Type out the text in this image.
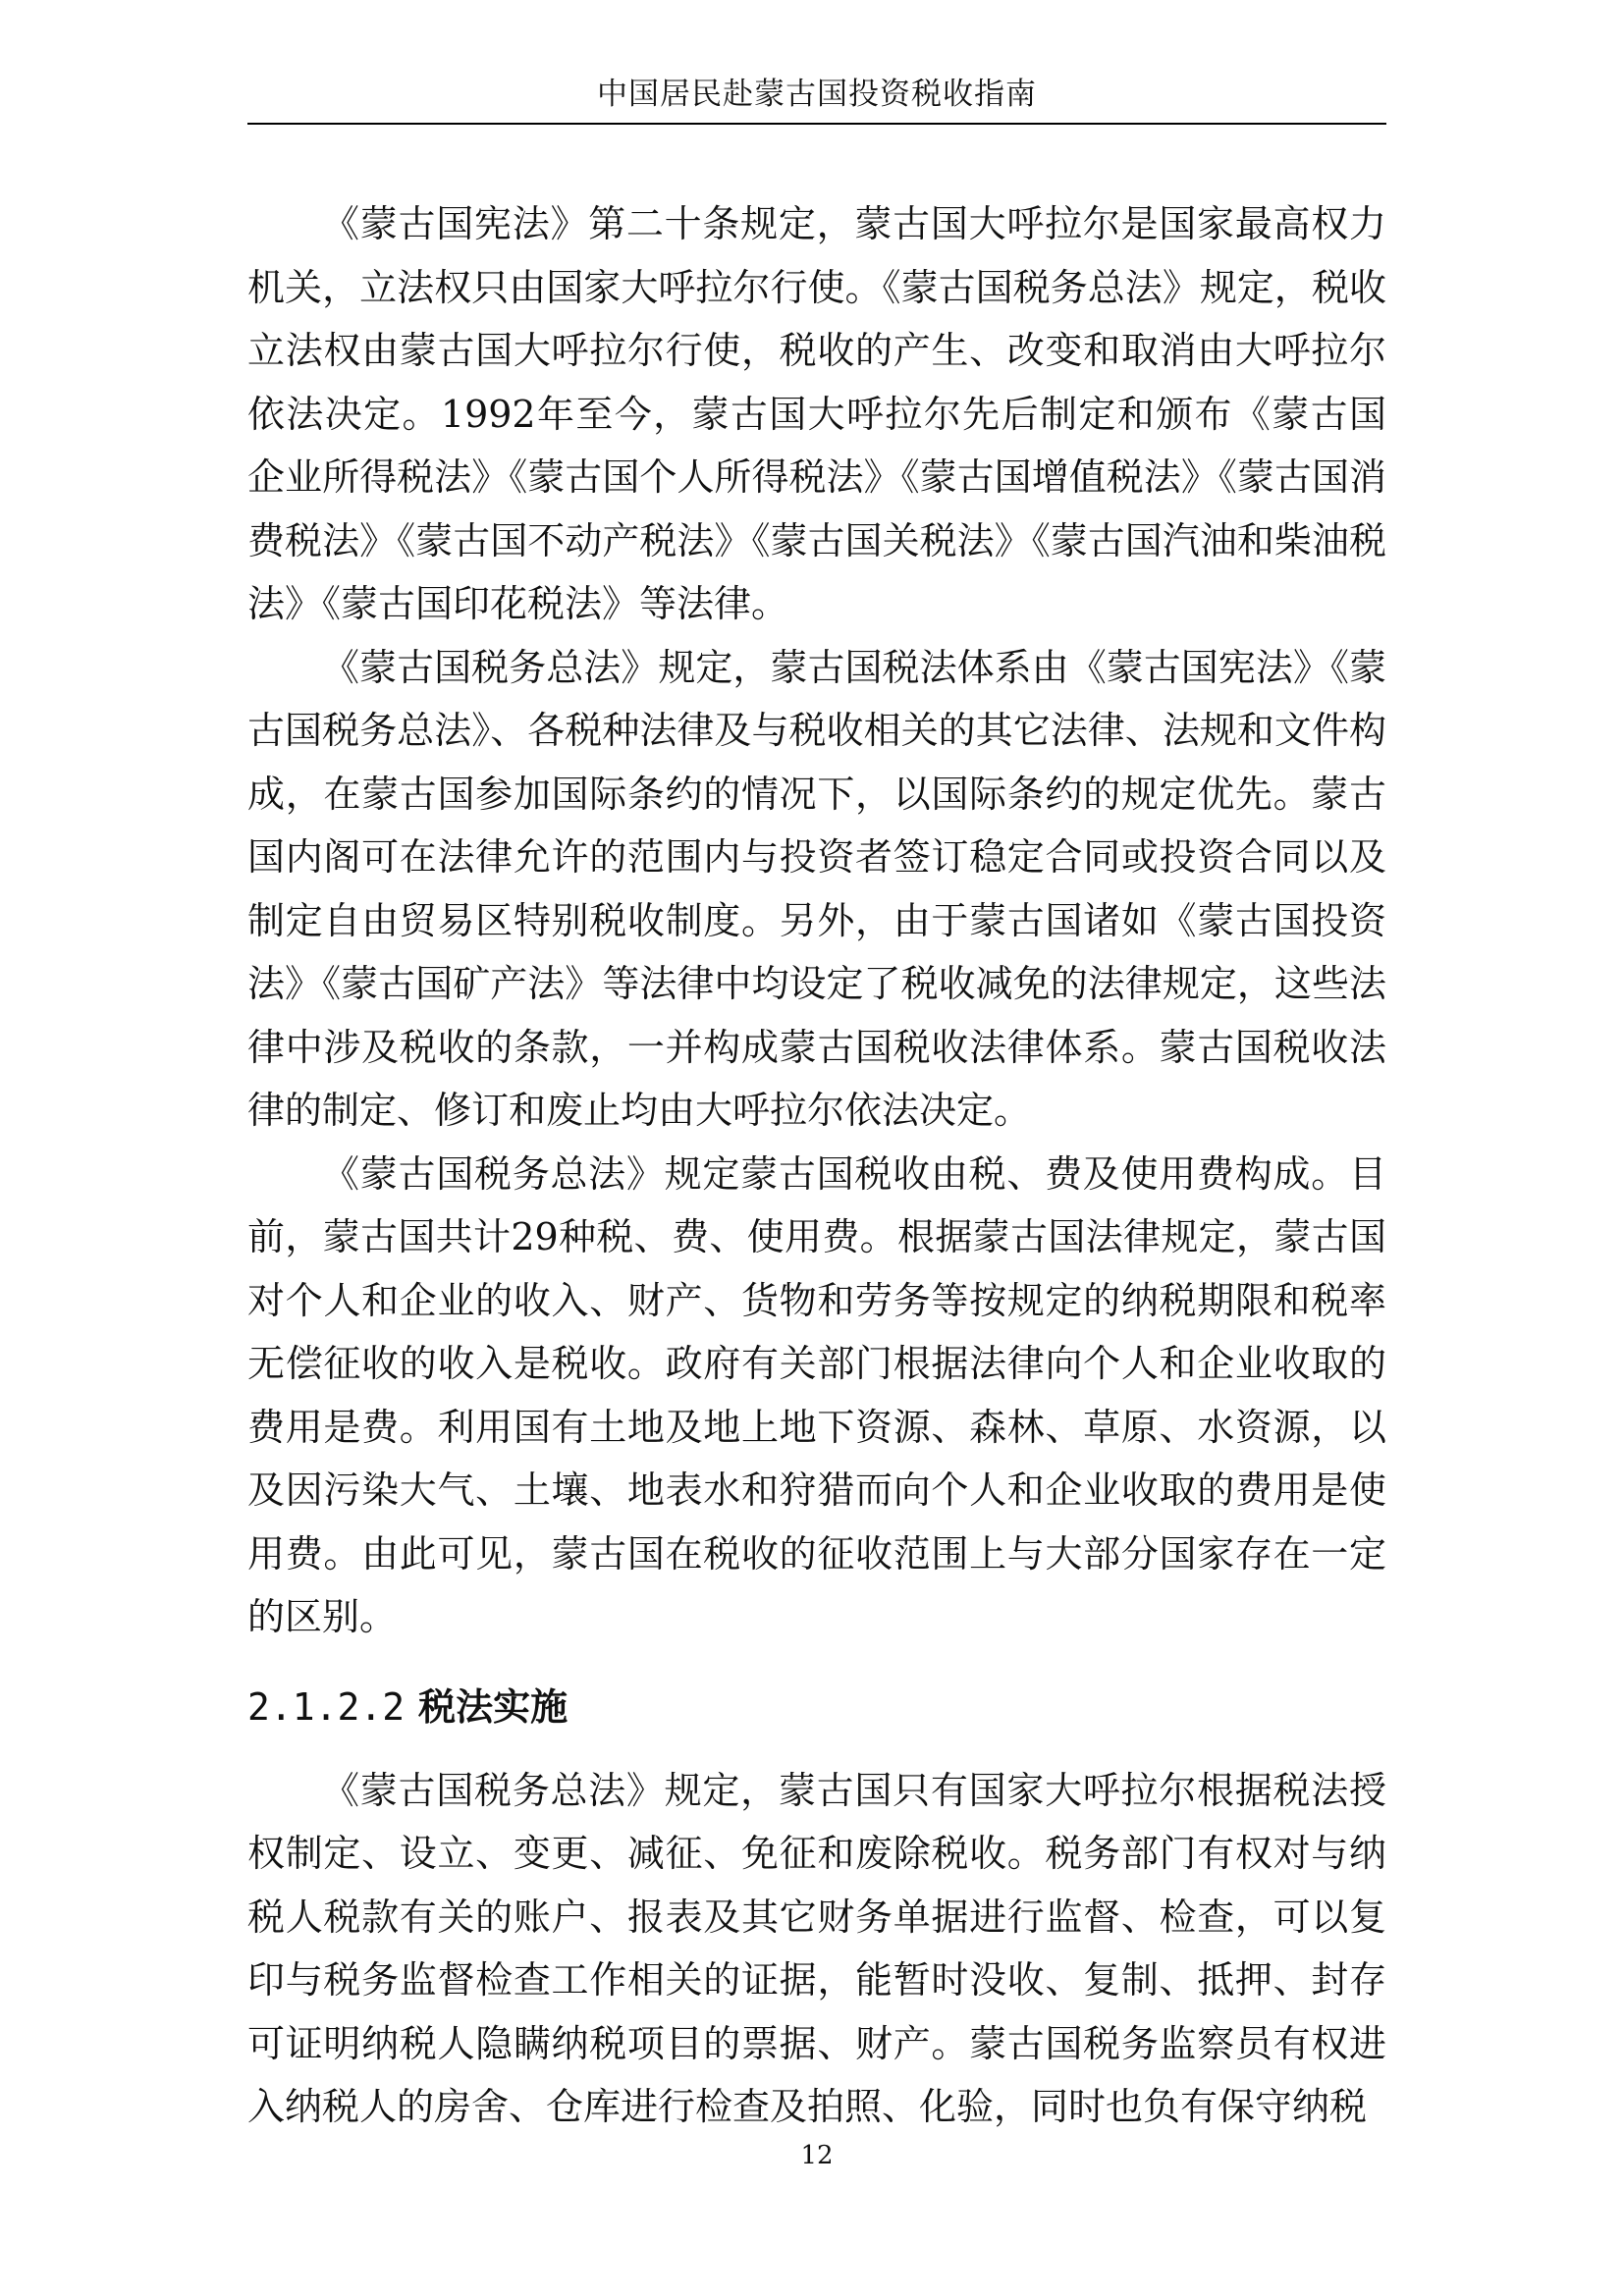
中国居民赴蒙古国投资税收指南

《蒙古国宪法》第二十条规定，蒙古国大呼拉尔是国家最高权力机关，立法权只由国家大呼拉尔行使。《蒙古国税务总法》规定，税收立法权由蒙古国大呼拉尔行使，税收的产生、改变和取消由大呼拉尔依法决定。1992年至今，蒙古国大呼拉尔先后制定和颁布《蒙古国企业所得税法》《蒙古国个人所得税法》《蒙古国增值税法》《蒙古国消费税法》《蒙古国不动产税法》《蒙古国关税法》《蒙古国汽油和柴油税法》《蒙古国印花税法》等法律。

《蒙古国税务总法》规定，蒙古国税法体系由《蒙古国宪法》《蒙古国税务总法》、各税种法律及与税收相关的其它法律、法规和文件构成，在蒙古国参加国际条约的情况下，以国际条约的规定优先。蒙古国内阁可在法律允许的范围内与投资者签订稳定合同或投资合同以及制定自由贸易区特别税收制度。另外，由于蒙古国诸如《蒙古国投资法》《蒙古国矿产法》等法律中均设定了税收减免的法律规定，这些法律中涉及税收的条款，一并构成蒙古国税收法律体系。蒙古国税收法律的制定、修订和废止均由大呼拉尔依法决定。

《蒙古国税务总法》规定蒙古国税收由税、费及使用费构成。目前，蒙古国共计29种税、费、使用费。根据蒙古国法律规定，蒙古国对个人和企业的收入、财产、货物和劳务等按规定的纳税期限和税率无偿征收的收入是税收。政府有关部门根据法律向个人和企业收取的费用是费。利用国有土地及地上地下资源、森林、草原、水资源，以及因污染大气、土壤、地表水和狩猎而向个人和企业收取的费用是使用费。由此可见，蒙古国在税收的征收范围上与大部分国家存在一定的区别。

2.1.2.2 税法实施

《蒙古国税务总法》规定，蒙古国只有国家大呼拉尔根据税法授权制定、设立、变更、减征、免征和废除税收。税务部门有权对与纳税人税款有关的账户、报表及其它财务单据进行监督、检查，可以复印与税务监督检查工作相关的证据，能暂时没收、复制、抵押、封存可证明纳税人隐瞒纳税项目的票据、财产。蒙古国税务监察员有权进入纳税人的房舍、仓库进行检查及拍照、化验，同时也负有保守纳税

12
